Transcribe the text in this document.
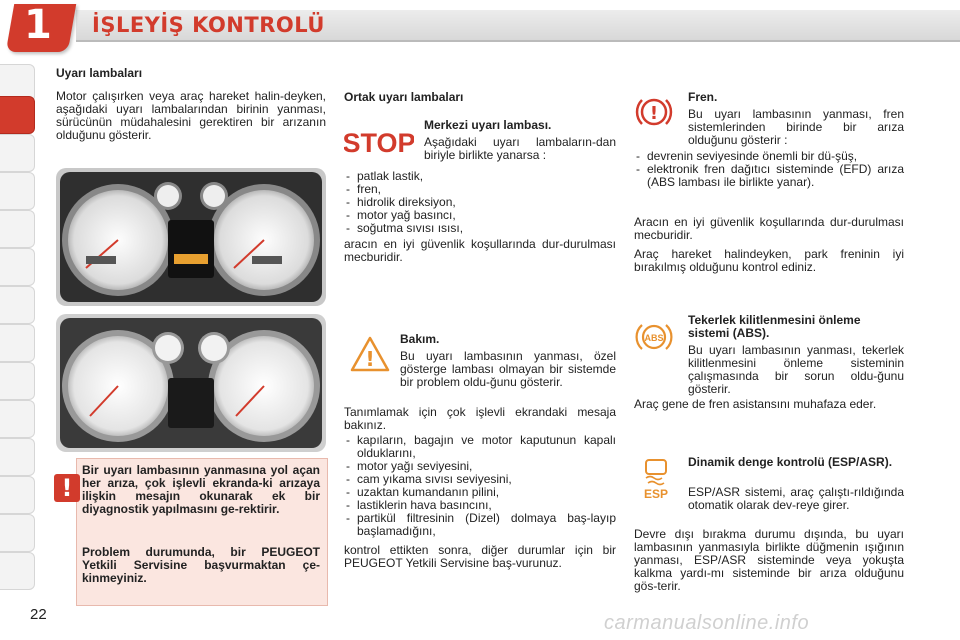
1 İŞLEYİŞ KONTROLÜ
Uyarı lambaları

Motor çalışırken veya araç hareket halin-deyken, aşağıdaki uyarı lambalarından birinin yanması, sürücünün müdahalesini gerektiren bir arızanın olduğunu gösterir.

!

Bir uyarı lambasının yanmasına yol açan her arıza, çok işlevli ekranda-ki arızaya ilişkin mesajın okunarak ek bir diyagnostik yapılmasını ge-rektirir.

Problem durumunda, bir PEUGEOT Yetkili Servisine başvurmaktan çe-kinmeyiniz.

Ortak uyarı lambaları
STOP
Merkezi uyarı lambası.

Aşağıdaki uyarı lambaların-dan biriyle birlikte yanarsa :

- patlak lastik,
- fren,
- hidrolik direksiyon,
- motor yağ basıncı,
- soğutma sıvısı ısısı,

aracın en iyi güvenlik koşullarında dur-durulması mecburidir.

!
Bakım.

Bu uyarı lambasının yanması, özel gösterge lambası olmayan bir sistemde bir problem oldu-ğunu gösterir.

Tanımlamak için çok işlevli ekrandaki mesaja bakınız.

- kapıların, bagajın ve motor kaputunun kapalı olduklarını,
- motor yağı seviyesini,
- cam yıkama sıvısı seviyesini,
- uzaktan kumandanın pilini,
- lastiklerin hava basıncını,
- partikül filtresinin (Dizel) dolmaya baş-layıp başlamadığını,

kontrol ettikten sonra, diğer durumlar için bir PEUGEOT Yetkili Servisine baş-vurunuz.

!
Fren.

Bu uyarı lambasının yanması, fren sistemlerinden birinde bir arıza olduğunu gösterir :

- devrenin seviyesinde önemli bir dü-şüş,
- elektronik fren dağıtıcı sisteminde (EFD) arıza (ABS lambası ile birlikte yanar).

Aracın en iyi güvenlik koşullarında dur-durulması mecburidir.

Araç hareket halindeyken, park freninin iyi bırakılmış olduğunu kontrol ediniz.

ABS

Tekerlek kilitlenmesini önleme sistemi (ABS).

Bu uyarı lambasının yanması, tekerlek kilitlenmesini önleme sisteminin çalışmasında bir sorun oldu-ğunu gösterir.

Araç gene de fren asistansını muhafaza eder.

ESP

Dinamik denge kontrolü (ESP/ASR).

ESP/ASR sistemi, araç çalıştı-rıldığında otomatik olarak dev-reye girer.

Devre dışı bırakma durumu dışında, bu uyarı lambasının yanmasıyla birlikte düğmenin ışığının yanması, ESP/ASR sisteminde veya yokuşta kalkma yardı-mı sisteminde bir arıza olduğunu gös-terir.

22	carmanualsonline.info
